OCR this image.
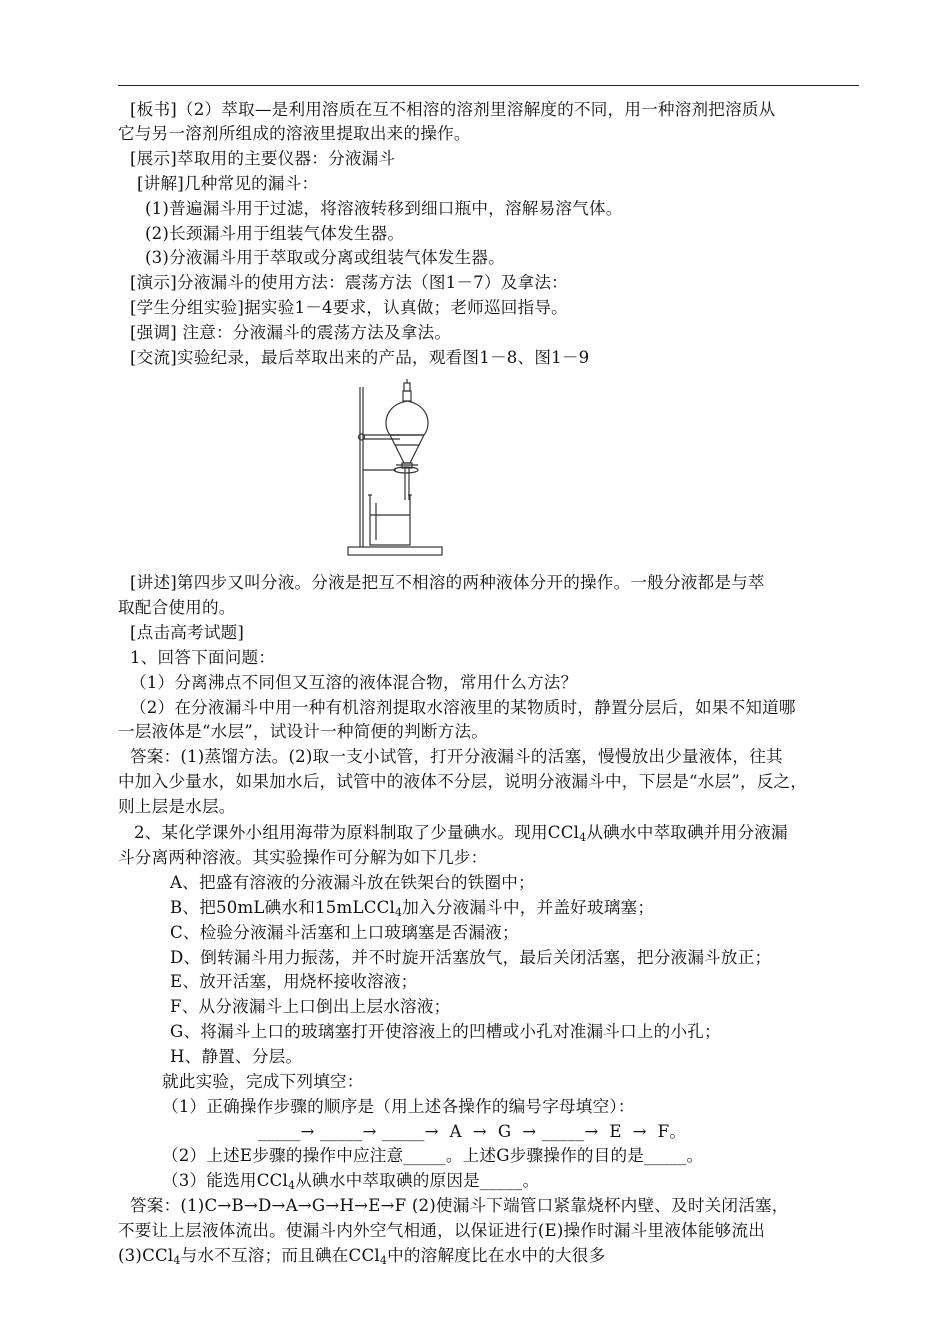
[板书]（2）萃取—是利用溶质在互不相溶的溶剂里溶解度的不同，用一种溶剂把溶质从
它与另一溶剂所组成的溶液里提取出来的操作。
[展示]萃取用的主要仪器：分液漏斗
[讲解]几种常见的漏斗：
(1)普遍漏斗用于过滤，将溶液转移到细口瓶中，溶解易溶气体。
(2)长颈漏斗用于组装气体发生器。
(3)分液漏斗用于萃取或分离或组装气体发生器。
[演示]分液漏斗的使用方法：震荡方法（图1－7）及拿法：
[学生分组实验]据实验1－4要求，认真做；老师巡回指导。
[强调] 注意：分液漏斗的震荡方法及拿法。
[交流]实验纪录，最后萃取出来的产品，观看图1－8、图1－9
[讲述]第四步又叫分液。分液是把互不相溶的两种液体分开的操作。一般分液都是与萃
取配合使用的。
[点击高考试题]
1、回答下面问题：
（1）分离沸点不同但又互溶的液体混合物，常用什么方法？
（2）在分液漏斗中用一种有机溶剂提取水溶液里的某物质时，静置分层后，如果不知道哪
一层液体是“水层”，试设计一种简便的判断方法。
答案：(1)蒸馏方法。(2)取一支小试管，打开分液漏斗的活塞，慢慢放出少量液体，往其
中加入少量水，如果加水后，试管中的液体不分层，说明分液漏斗中，下层是“水层”，反之，
则上层是水层。
2、某化学课外小组用海带为原料制取了少量碘水。现用CCl$_4$从碘水中萃取碘并用分液漏
斗分离两种溶液。其实验操作可分解为如下几步：
A、把盛有溶液的分液漏斗放在铁架台的铁圈中；
B、把50mL碘水和15mLCCl$_4$加入分液漏斗中，并盖好玻璃塞；
C、检验分液漏斗活塞和上口玻璃塞是否漏液；
D、倒转漏斗用力振荡，并不时旋开活塞放气，最后关闭活塞，把分液漏斗放正；
E、放开活塞，用烧杯接收溶液；
F、从分液漏斗上口倒出上层水溶液；
G、将漏斗上口的玻璃塞打开使溶液上的凹槽或小孔对准漏斗口上的小孔；
H、静置、分层。
就此实验，完成下列填空：
（1）正确操作步骤的顺序是（用上述各操作的编号字母填空）：
_____→ _____→ _____→  A  →  G  → _____→  E  →  F。
（2）上述E步骤的操作中应注意_____。上述G步骤操作的目的是_____。
（3）能选用CCl$_4$从碘水中萃取碘的原因是_____。
答案：(1)C→B→D→A→G→H→E→F (2)使漏斗下端管口紧靠烧杯内壁、及时关闭活塞，
不要让上层液体流出。使漏斗内外空气相通，以保证进行(E)操作时漏斗里液体能够流出
(3)CCl$_4$与水不互溶；而且碘在CCl$_4$中的溶解度比在水中的大很多
